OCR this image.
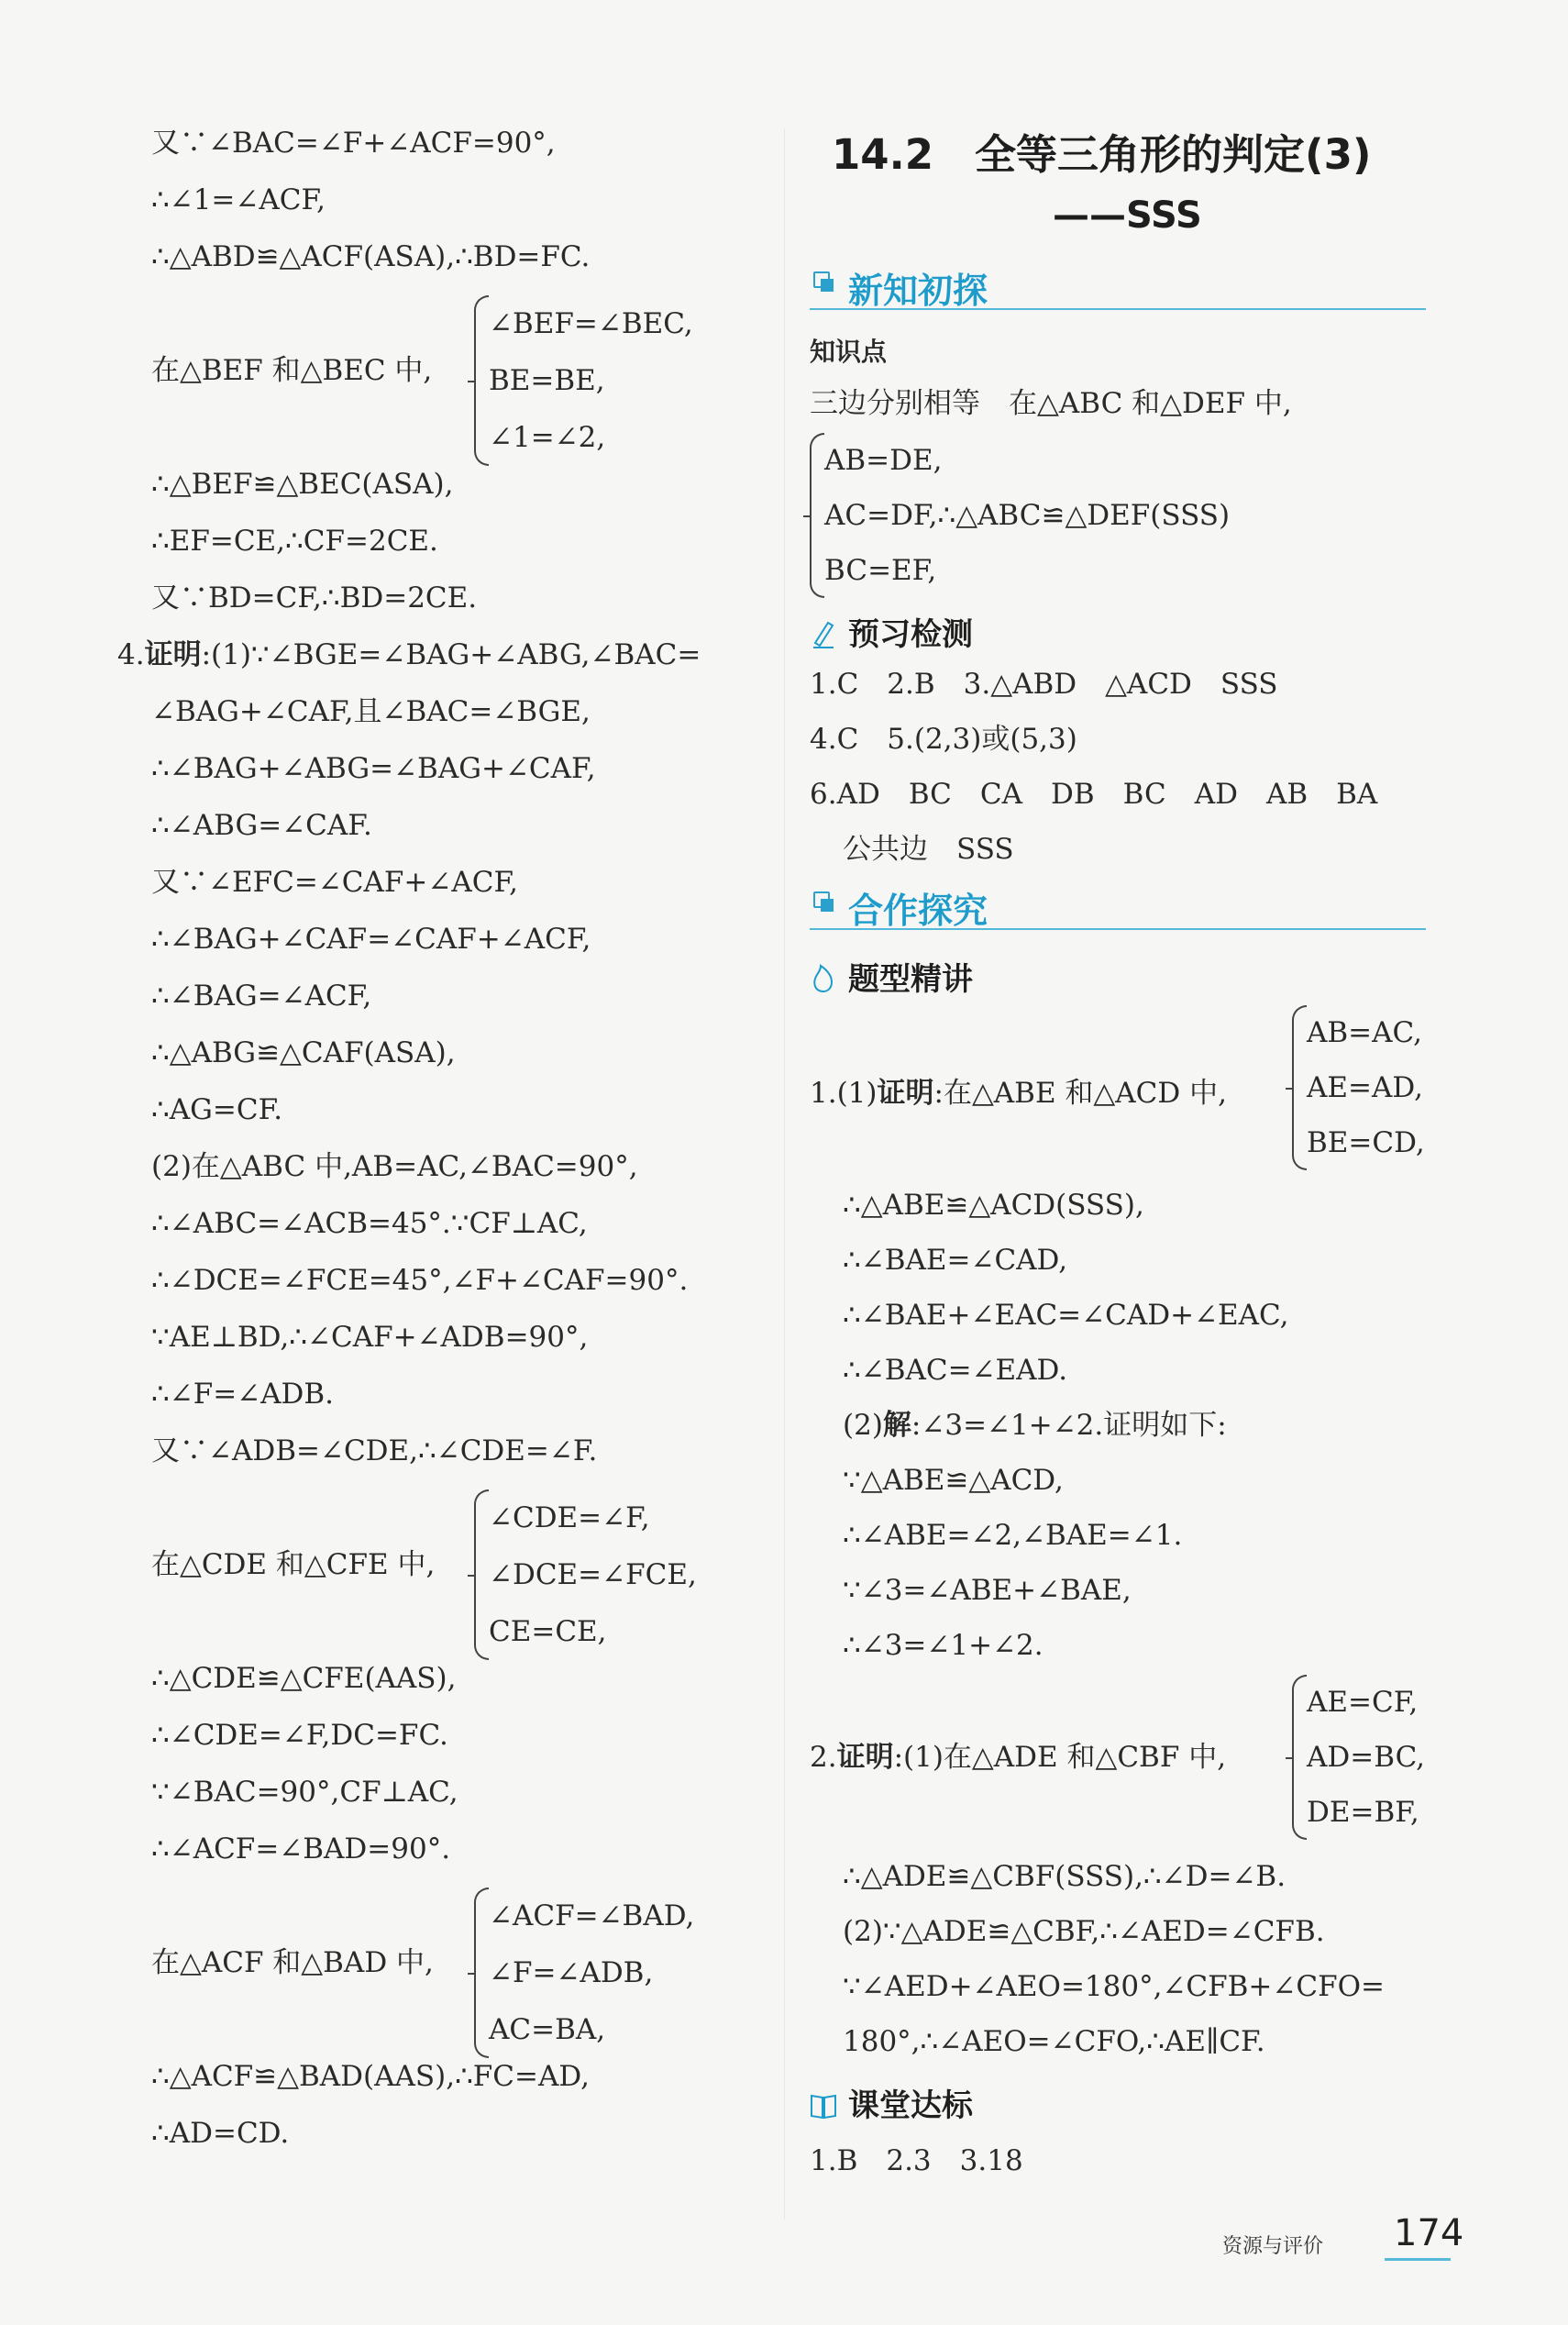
又∵∠BAC=∠F+∠ACF=90°,
∴∠1=∠ACF,
∴△ABD≌△ACF(ASA),∴BD=FC.
在△BEF 和△BEC 中,
∠BEF=∠BEC,
BE=BE,
∠1=∠2,
∴△BEF≌△BEC(ASA),
∴EF=CE,∴CF=2CE.
又∵BD=CF,∴BD=2CE.
4.证明:(1)∵∠BGE=∠BAG+∠ABG,∠BAC=
∠BAG+∠CAF,且∠BAC=∠BGE,
∴∠BAG+∠ABG=∠BAG+∠CAF,
∴∠ABG=∠CAF.
又∵∠EFC=∠CAF+∠ACF,
∴∠BAG+∠CAF=∠CAF+∠ACF,
∴∠BAG=∠ACF,
∴△ABG≌△CAF(ASA),
∴AG=CF.
(2)在△ABC 中,AB=AC,∠BAC=90°,
∴∠ABC=∠ACB=45°.∵CF⊥AC,
∴∠DCE=∠FCE=45°,∠F+∠CAF=90°.
∵AE⊥BD,∴∠CAF+∠ADB=90°,
∴∠F=∠ADB.
又∵∠ADB=∠CDE,∴∠CDE=∠F.
在△CDE 和△CFE 中,
∠CDE=∠F,
∠DCE=∠FCE,
CE=CE,
∴△CDE≌△CFE(AAS),
∴∠CDE=∠F,DC=FC.
∵∠BAC=90°,CF⊥AC,
∴∠ACF=∠BAD=90°.
在△ACF 和△BAD 中,
∠ACF=∠BAD,
∠F=∠ADB,
AC=BA,
∴△ACF≌△BAD(AAS),∴FC=AD,
∴AD=CD.
14.2　全等三角形的判定(3)
——SSS
新知初探
知识点
三边分别相等　在△ABC 和△DEF 中,
AB=DE,
AC=DF,∴△ABC≌△DEF(SSS)
BC=EF,
预习检测
1.C　2.B　3.△ABD　△ACD　SSS
4.C　5.(2,3)或(5,3)
6.AD　BC　CA　DB　BC　AD　AB　BA
公共边　SSS
合作探究
题型精讲
1.(1)证明:在△ABE 和△ACD 中,
AB=AC,
AE=AD,
BE=CD,
∴△ABE≌△ACD(SSS),
∴∠BAE=∠CAD,
∴∠BAE+∠EAC=∠CAD+∠EAC,
∴∠BAC=∠EAD.
(2)解:∠3=∠1+∠2.证明如下:
∵△ABE≌△ACD,
∴∠ABE=∠2,∠BAE=∠1.
∵∠3=∠ABE+∠BAE,
∴∠3=∠1+∠2.
2.证明:(1)在△ADE 和△CBF 中,
AE=CF,
AD=BC,
DE=BF,
∴△ADE≌△CBF(SSS),∴∠D=∠B.
(2)∵△ADE≌△CBF,∴∠AED=∠CFB.
∵∠AED+∠AEO=180°,∠CFB+∠CFO=
180°,∴∠AEO=∠CFO,∴AE∥CF.
课堂达标
1.B　2.3　3.18
资源与评价 174
